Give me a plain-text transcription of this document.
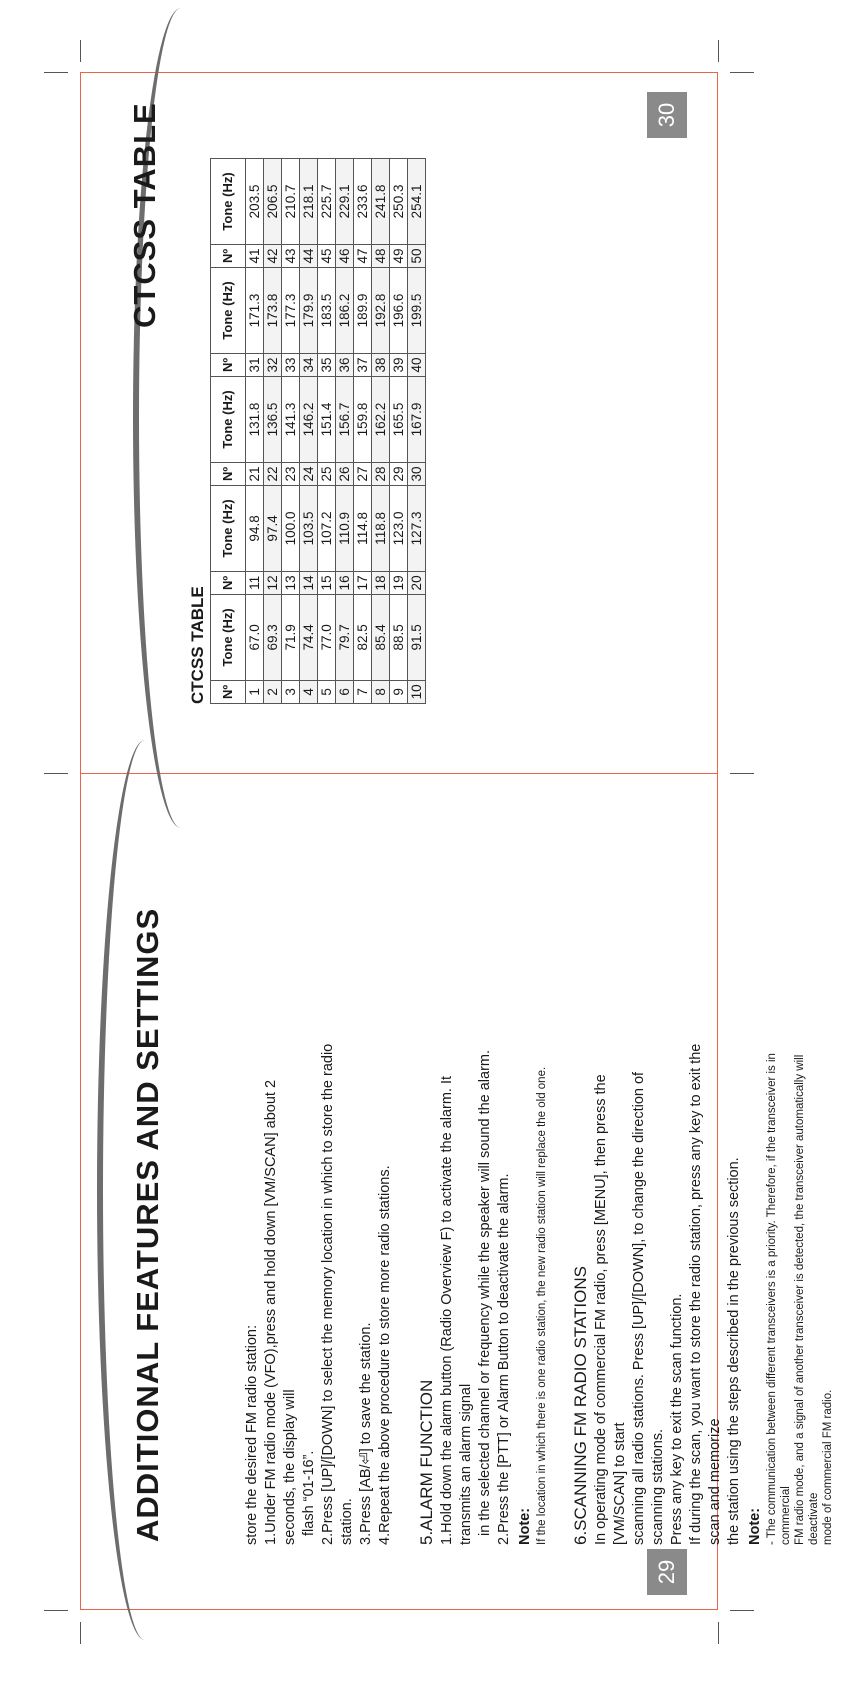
ADDITIONAL FEATURES AND SETTINGS	store the desired FM radio station: 1.Under FM radio mode (VFO),press and hold down [VM/SCAN] about 2 seconds, the display will flash “01-16”. 2.Press [UP]/[DOWN] to select the memory location in which to store the radio station. 3.Press [AB/⏎] to save the station. 4.Repeat the above procedure to store more radio stations. 5.ALARM FUNCTION 1.Hold down the alarm button (Radio Overview F) to activate the alarm. It transmits an alarm signal in the selected channel or frequency while the speaker will sound the alarm. 2.Press the [PTT] or Alarm Button to deactivate the alarm. Note: If the location in which there is one radio station, the new radio station will replace the old one. 6.SCANNING FM RADIO STATIONS In operating mode of commercial FM radio, press [MENU], then press the [VM/SCAN] to start scanning all radio stations. Press [UP]/[DOWN], to change the direction of scanning stations. Press any key to exit the scan function. If during the scan, you want to store the radio station, press any key to exit the scan and memorize the station using the steps described in the previous section. Note: - The communication between different transceivers is a priority. Therefore, if the transceiver is in commercial FM radio mode, and a signal of another transceiver is detected, the transceiver automatically will deactivate mode of commercial FM radio.

29
CTCSS TABLE
CTCSS TABLE Nº	Tone (Hz)	Nº	Tone (Hz)	Nº	Tone (Hz)	Nº	Tone (Hz)	Nº	Tone (Hz)
1	67.0	11	94.8	21	131.8	31	171.3	41	203.5
2	69.3	12	97.4	22	136.5	32	173.8	42	206.5
3	71.9	13	100.0	23	141.3	33	177.3	43	210.7
4	74.4	14	103.5	24	146.2	34	179.9	44	218.1
5	77.0	15	107.2	25	151.4	35	183.5	45	225.7
6	79.7	16	110.9	26	156.7	36	186.2	46	229.1
7	82.5	17	114.8	27	159.8	37	189.9	47	233.6
8	85.4	18	118.8	28	162.2	38	192.8	48	241.8
9	88.5	19	123.0	29	165.5	39	196.6	49	250.3
10	91.5	20	127.3	30	167.9	40	199.5	50	254.1
30
